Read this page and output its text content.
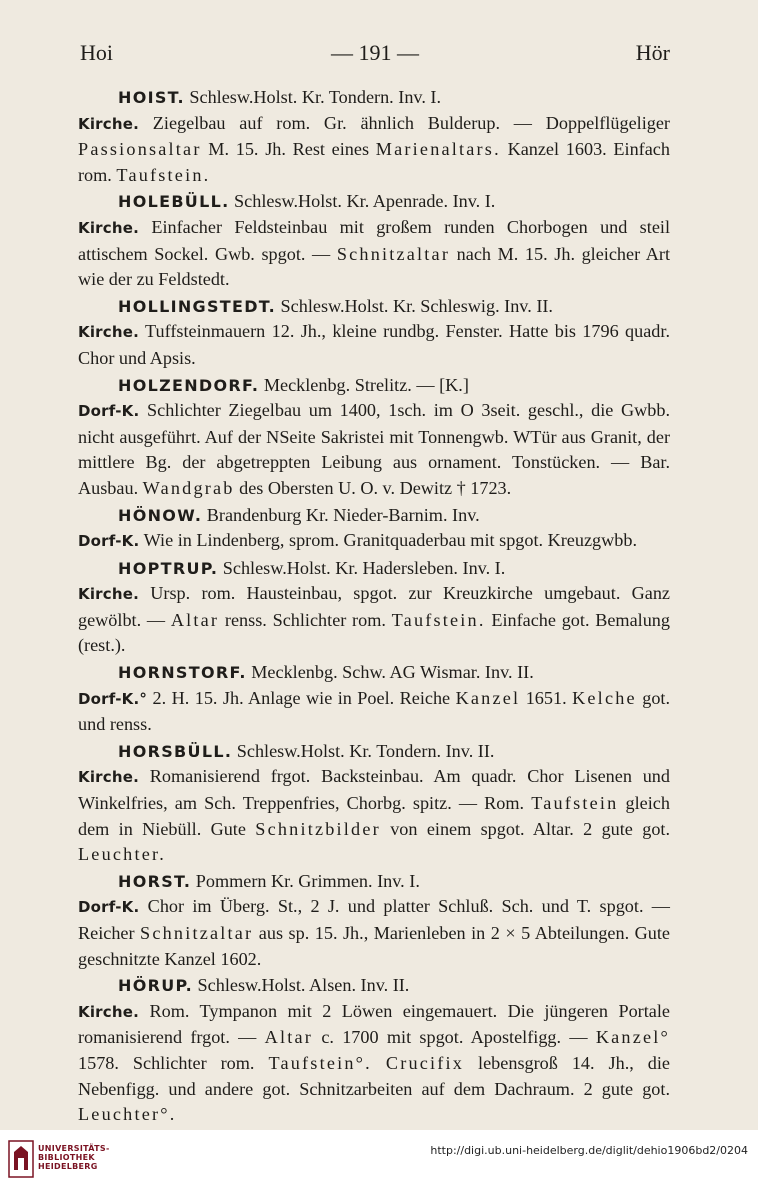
Hoi	— 191 —	Hör

HOIST. Schlesw.Holst. Kr. Tondern. Inv. I.
Kirche. Ziegelbau auf rom. Gr. ähnlich Bulderup. — Doppelflügeliger Passionsaltar M. 15. Jh. Rest eines Marienaltars. Kanzel 1603. Einfach rom. Taufstein.

HOLEBÜLL. Schlesw.Holst. Kr. Apenrade. Inv. I.
Kirche. Einfacher Feldsteinbau mit großem runden Chorbogen und steil attischem Sockel. Gwb. spgot. — Schnitzaltar nach M. 15. Jh. gleicher Art wie der zu Feldstedt.

HOLLINGSTEDT. Schlesw.Holst. Kr. Schleswig. Inv. II.
Kirche. Tuffsteinmauern 12. Jh., kleine rundbg. Fenster. Hatte bis 1796 quadr. Chor und Apsis.

HOLZENDORF. Mecklenbg. Strelitz. — [K.]
Dorf-K. Schlichter Ziegelbau um 1400, 1sch. im O 3seit. geschl., die Gwbb. nicht ausgeführt. Auf der NSeite Sakristei mit Tonnengwb. WTür aus Granit, der mittlere Bg. der abgetreppten Leibung aus ornament. Tonstücken. — Bar. Ausbau. Wandgrab des Obersten U. O. v. Dewitz † 1723.

HÖNOW. Brandenburg Kr. Nieder-Barnim. Inv.
Dorf-K. Wie in Lindenberg, sprom. Granitquaderbau mit spgot. Kreuzgwbb.

HOPTRUP. Schlesw.Holst. Kr. Hadersleben. Inv. I.
Kirche. Ursp. rom. Hausteinbau, spgot. zur Kreuzkirche umgebaut. Ganz gewölbt. — Altar renss. Schlichter rom. Taufstein. Einfache got. Bemalung (rest.).

HORNSTORF. Mecklenbg. Schw. AG Wismar. Inv. II.
Dorf-K.° 2. H. 15. Jh. Anlage wie in Poel. Reiche Kanzel 1651. Kelche got. und renss.

HORSBÜLL. Schlesw.Holst. Kr. Tondern. Inv. II.
Kirche. Romanisierend frgot. Backsteinbau. Am quadr. Chor Lisenen und Winkelfries, am Sch. Treppenfries, Chorbg. spitz. — Rom. Taufstein gleich dem in Niebüll. Gute Schnitzbilder von einem spgot. Altar. 2 gute got. Leuchter.

HORST. Pommern Kr. Grimmen. Inv. I.
Dorf-K. Chor im Überg. St., 2 J. und platter Schluß. Sch. und T. spgot. — Reicher Schnitzaltar aus sp. 15. Jh., Marienleben in 2 × 5 Abteilungen. Gute geschnitzte Kanzel 1602.

HÖRUP. Schlesw.Holst. Alsen. Inv. II.
Kirche. Rom. Tympanon mit 2 Löwen eingemauert. Die jüngeren Portale romanisierend frgot. — Altar c. 1700 mit spgot. Apostelfigg. — Kanzel° 1578. Schlichter rom. Taufstein°. Crucifix lebensgroß 14. Jh., die Nebenfigg. und andere got. Schnitzarbeiten auf dem Dachraum. 2 gute got. Leuchter°.

UNIVERSITÄTS-
BIBLIOTHEK
HEIDELBERG
http://digi.ub.uni-heidelberg.de/diglit/dehio1906bd2/0204
